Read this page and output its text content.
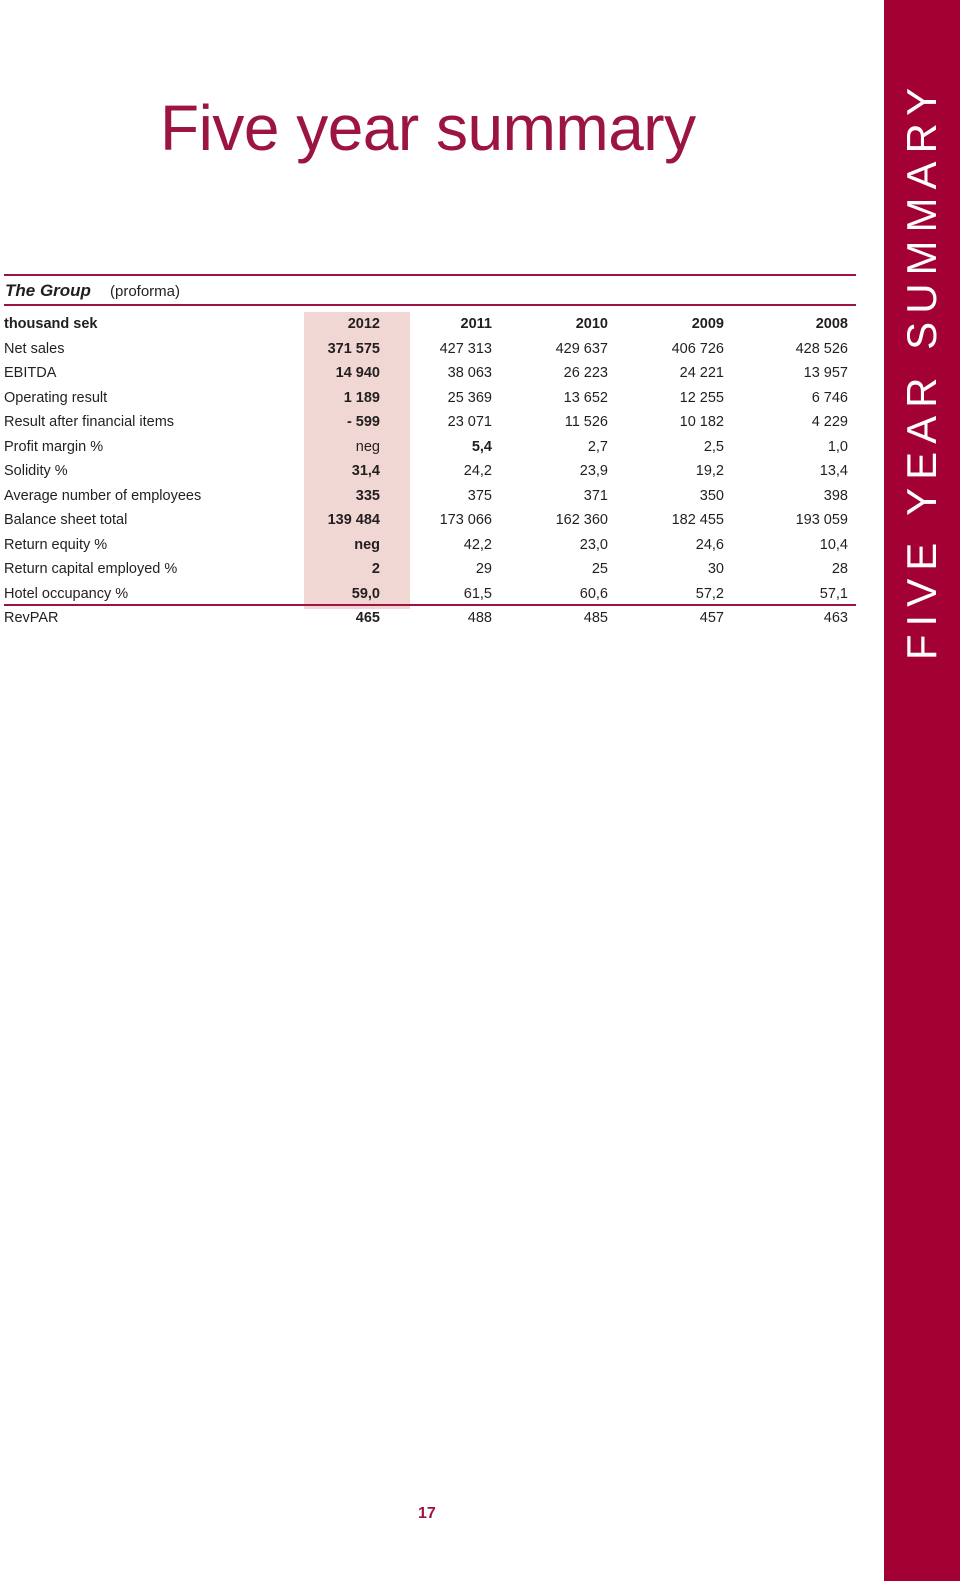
Five year summary	FIVE YEAR SUMMARY
The Group (proforma)
thousand sek	2012	2011	2010	2009	2008
Net sales	371 575	427 313	429 637	406 726	428 526
EBITDA	14 940	38 063	26 223	24 221	13 957
Operating result	1 189	25 369	13 652	12 255	6 746
Result after financial items	- 599	23 071	11 526	10 182	4 229
Profit margin %	neg	5,4	2,7	2,5	1,0
Solidity %	31,4	24,2	23,9	19,2	13,4
Average number of employees	335	375	371	350	398
Balance sheet total	139 484	173 066	162 360	182 455	193 059
Return equity %	neg	42,2	23,0	24,6	10,4
Return capital employed %	2	29	25	30	28
Hotel occupancy %	59,0	61,5	60,6	57,2	57,1
RevPAR	465	488	485	457	463
17
